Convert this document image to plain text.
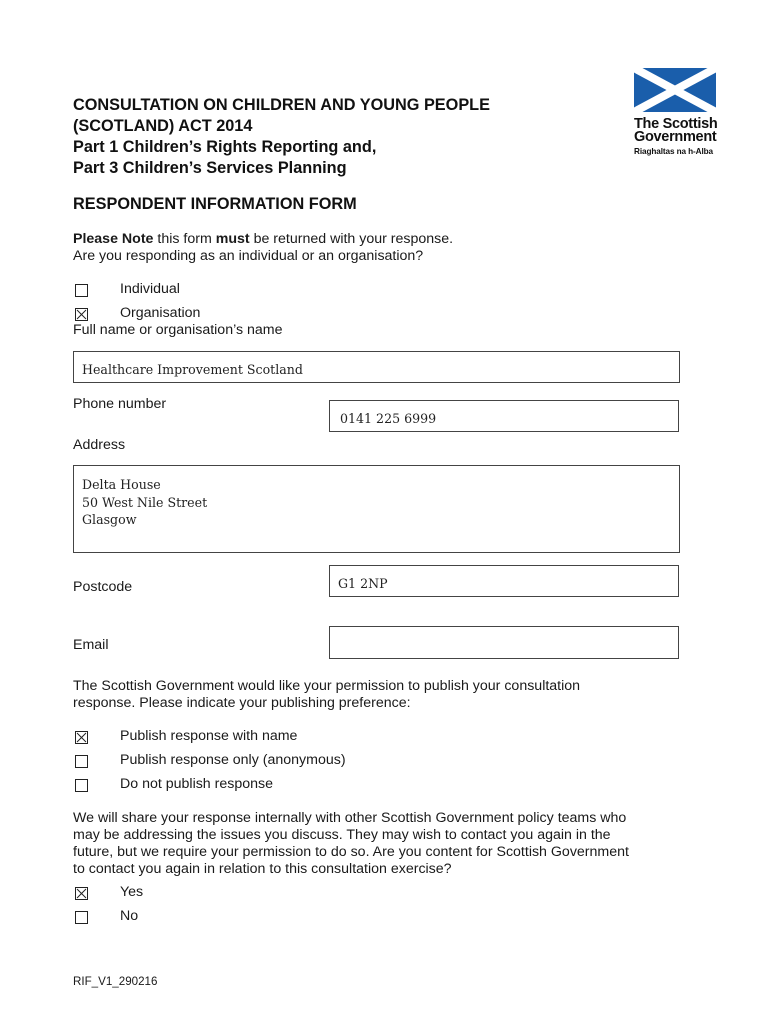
The Scottish
Government
Riaghaltas na h-Alba
CONSULTATION ON CHILDREN AND YOUNG PEOPLE
(SCOTLAND) ACT 2014
Part 1 Children’s Rights Reporting and,
Part 3 Children’s Services Planning
RESPONDENT INFORMATION FORM
Please Note this form must be returned with your response.
Are you responding as an individual or an organisation?
Individual
Organisation
Full name or organisation’s name
Healthcare Improvement Scotland
Phone number
0141 225 6999
Address
Delta House
50 West Nile Street
Glasgow
Postcode	G1 2NP
Email
The Scottish Government would like your permission to publish your consultation
response. Please indicate your publishing preference:
Publish response with name
Publish response only (anonymous)
Do not publish response
We will share your response internally with other Scottish Government policy teams who
may be addressing the issues you discuss. They may wish to contact you again in the
future, but we require your permission to do so. Are you content for Scottish Government
to contact you again in relation to this consultation exercise?
Yes
No
RIF_V1_290216
